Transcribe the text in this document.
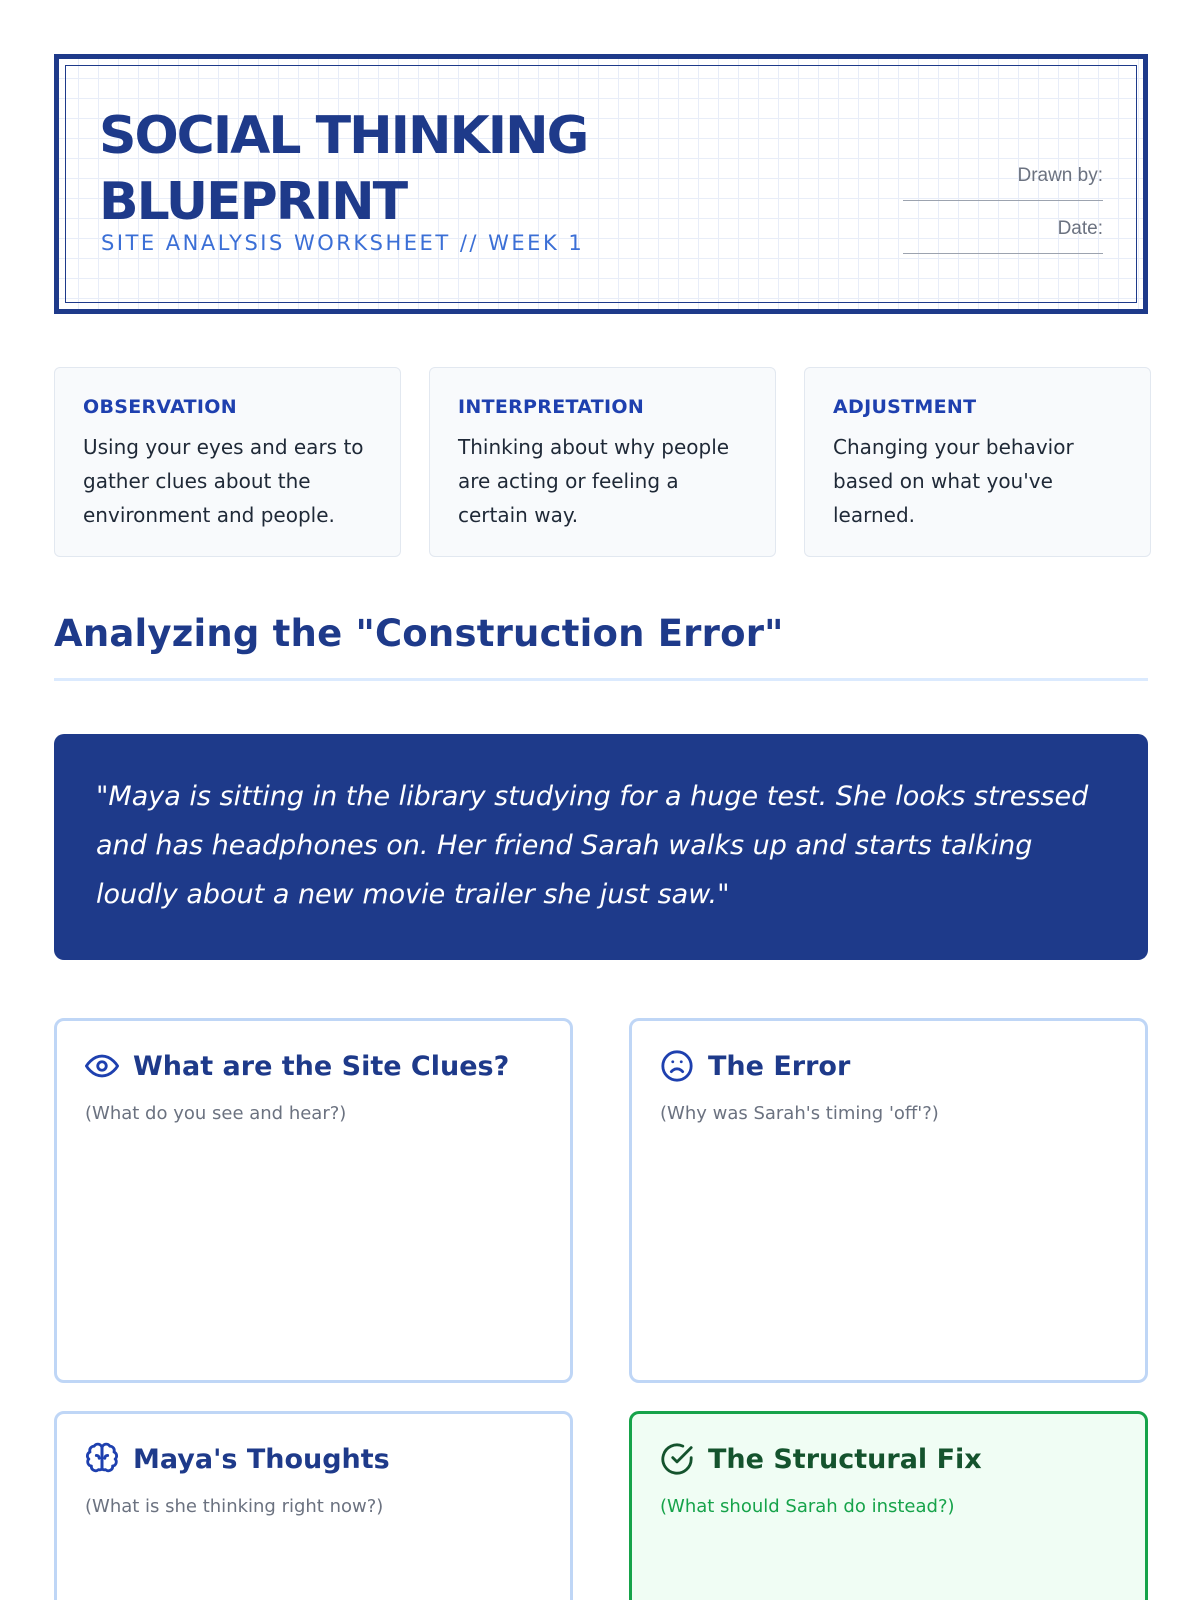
SOCIAL THINKING
BLUEPRINT
SITE ANALYSIS WORKSHEET // WEEK 1
Drawn by:
Date:
OBSERVATION
Using your eyes and ears to gather clues about the environment and people.
INTERPRETATION
Thinking about why people are acting or feeling a certain way.
ADJUSTMENT
Changing your behavior based on what you've learned.
Analyzing the "Construction Error"
"Maya is sitting in the library studying for a huge test. She looks stressed and has headphones on. Her friend Sarah walks up and starts talking loudly about a new movie trailer she just saw."
What are the Site Clues?
(What do you see and hear?)
The Error
(Why was Sarah's timing 'off'?)
Maya's Thoughts
(What is she thinking right now?)
The Structural Fix
(What should Sarah do instead?)
